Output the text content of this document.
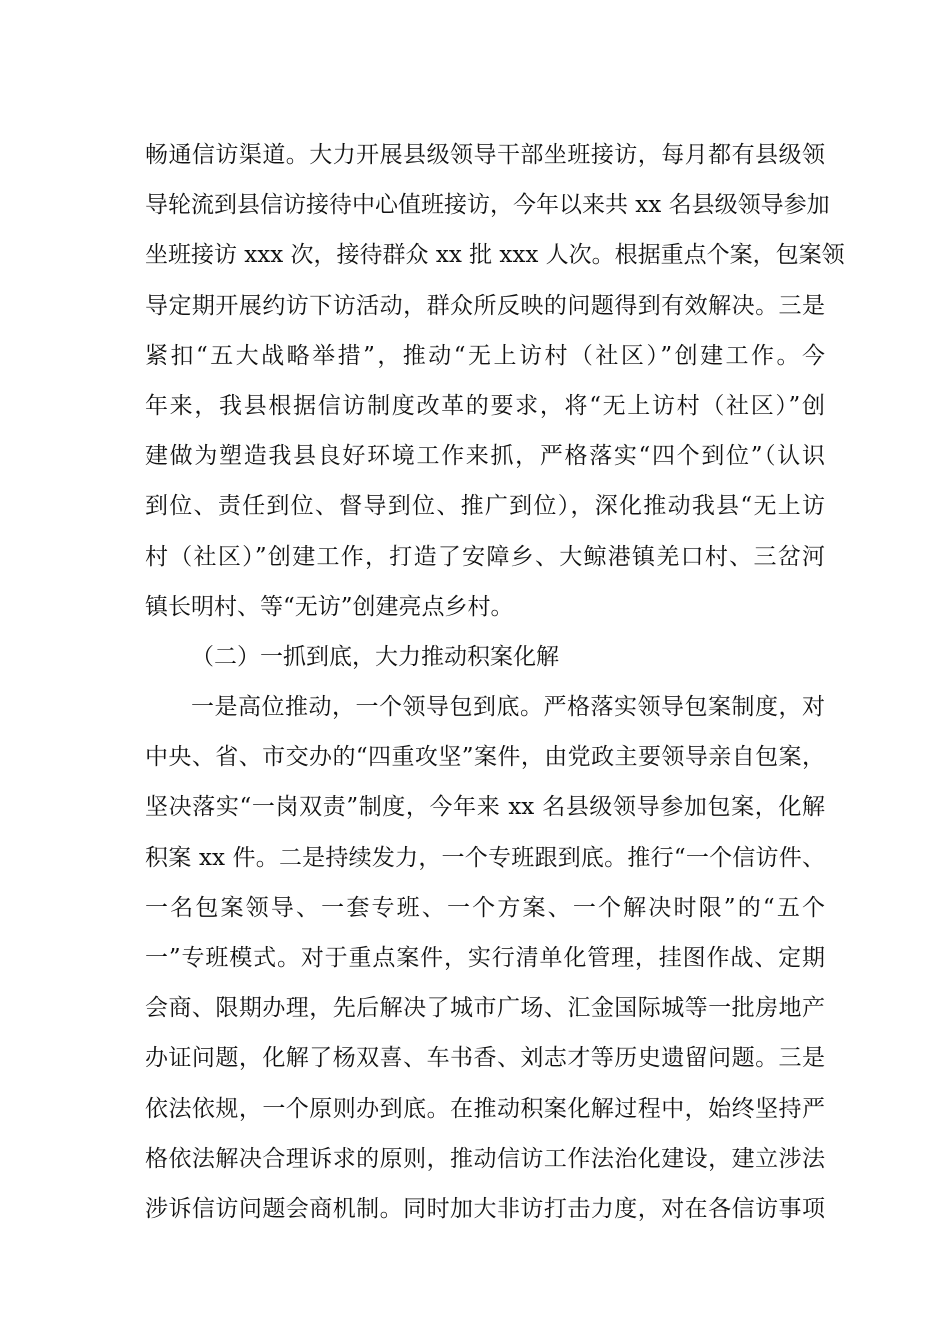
畅通信访渠道。大力开展县级领导干部坐班接访，每月都有县级领
导轮流到县信访接待中心值班接访，今年以来共 xx 名县级领导参加
坐班接访 xxx 次，接待群众 xx 批 xxx 人次。根据重点个案，包案领
导定期开展约访下访活动，群众所反映的问题得到有效解决。三是
紧扣“五大战略举措”，推动“无上访村（社区）”创建工作。今
年来，我县根据信访制度改革的要求，将“无上访村（社区）”创
建做为塑造我县良好环境工作来抓，严格落实“四个到位”（认识
到位、责任到位、督导到位、推广到位），深化推动我县“无上访
村（社区）”创建工作，打造了安障乡、大鲸港镇羌口村、三岔河
镇长明村、等“无访”创建亮点乡村。
（二）一抓到底，大力推动积案化解
一是高位推动，一个领导包到底。严格落实领导包案制度，对
中央、省、市交办的“四重攻坚”案件，由党政主要领导亲自包案，
坚决落实“一岗双责”制度，今年来 xx 名县级领导参加包案，化解
积案 xx 件。二是持续发力，一个专班跟到底。推行“一个信访件、
一名包案领导、一套专班、一个方案、一个解决时限”的“五个
一”专班模式。对于重点案件，实行清单化管理，挂图作战、定期
会商、限期办理，先后解决了城市广场、汇金国际城等一批房地产
办证问题，化解了杨双喜、车书香、刘志才等历史遗留问题。三是
依法依规，一个原则办到底。在推动积案化解过程中，始终坚持严
格依法解决合理诉求的原则，推动信访工作法治化建设，建立涉法
涉诉信访问题会商机制。同时加大非访打击力度，对在各信访事项
